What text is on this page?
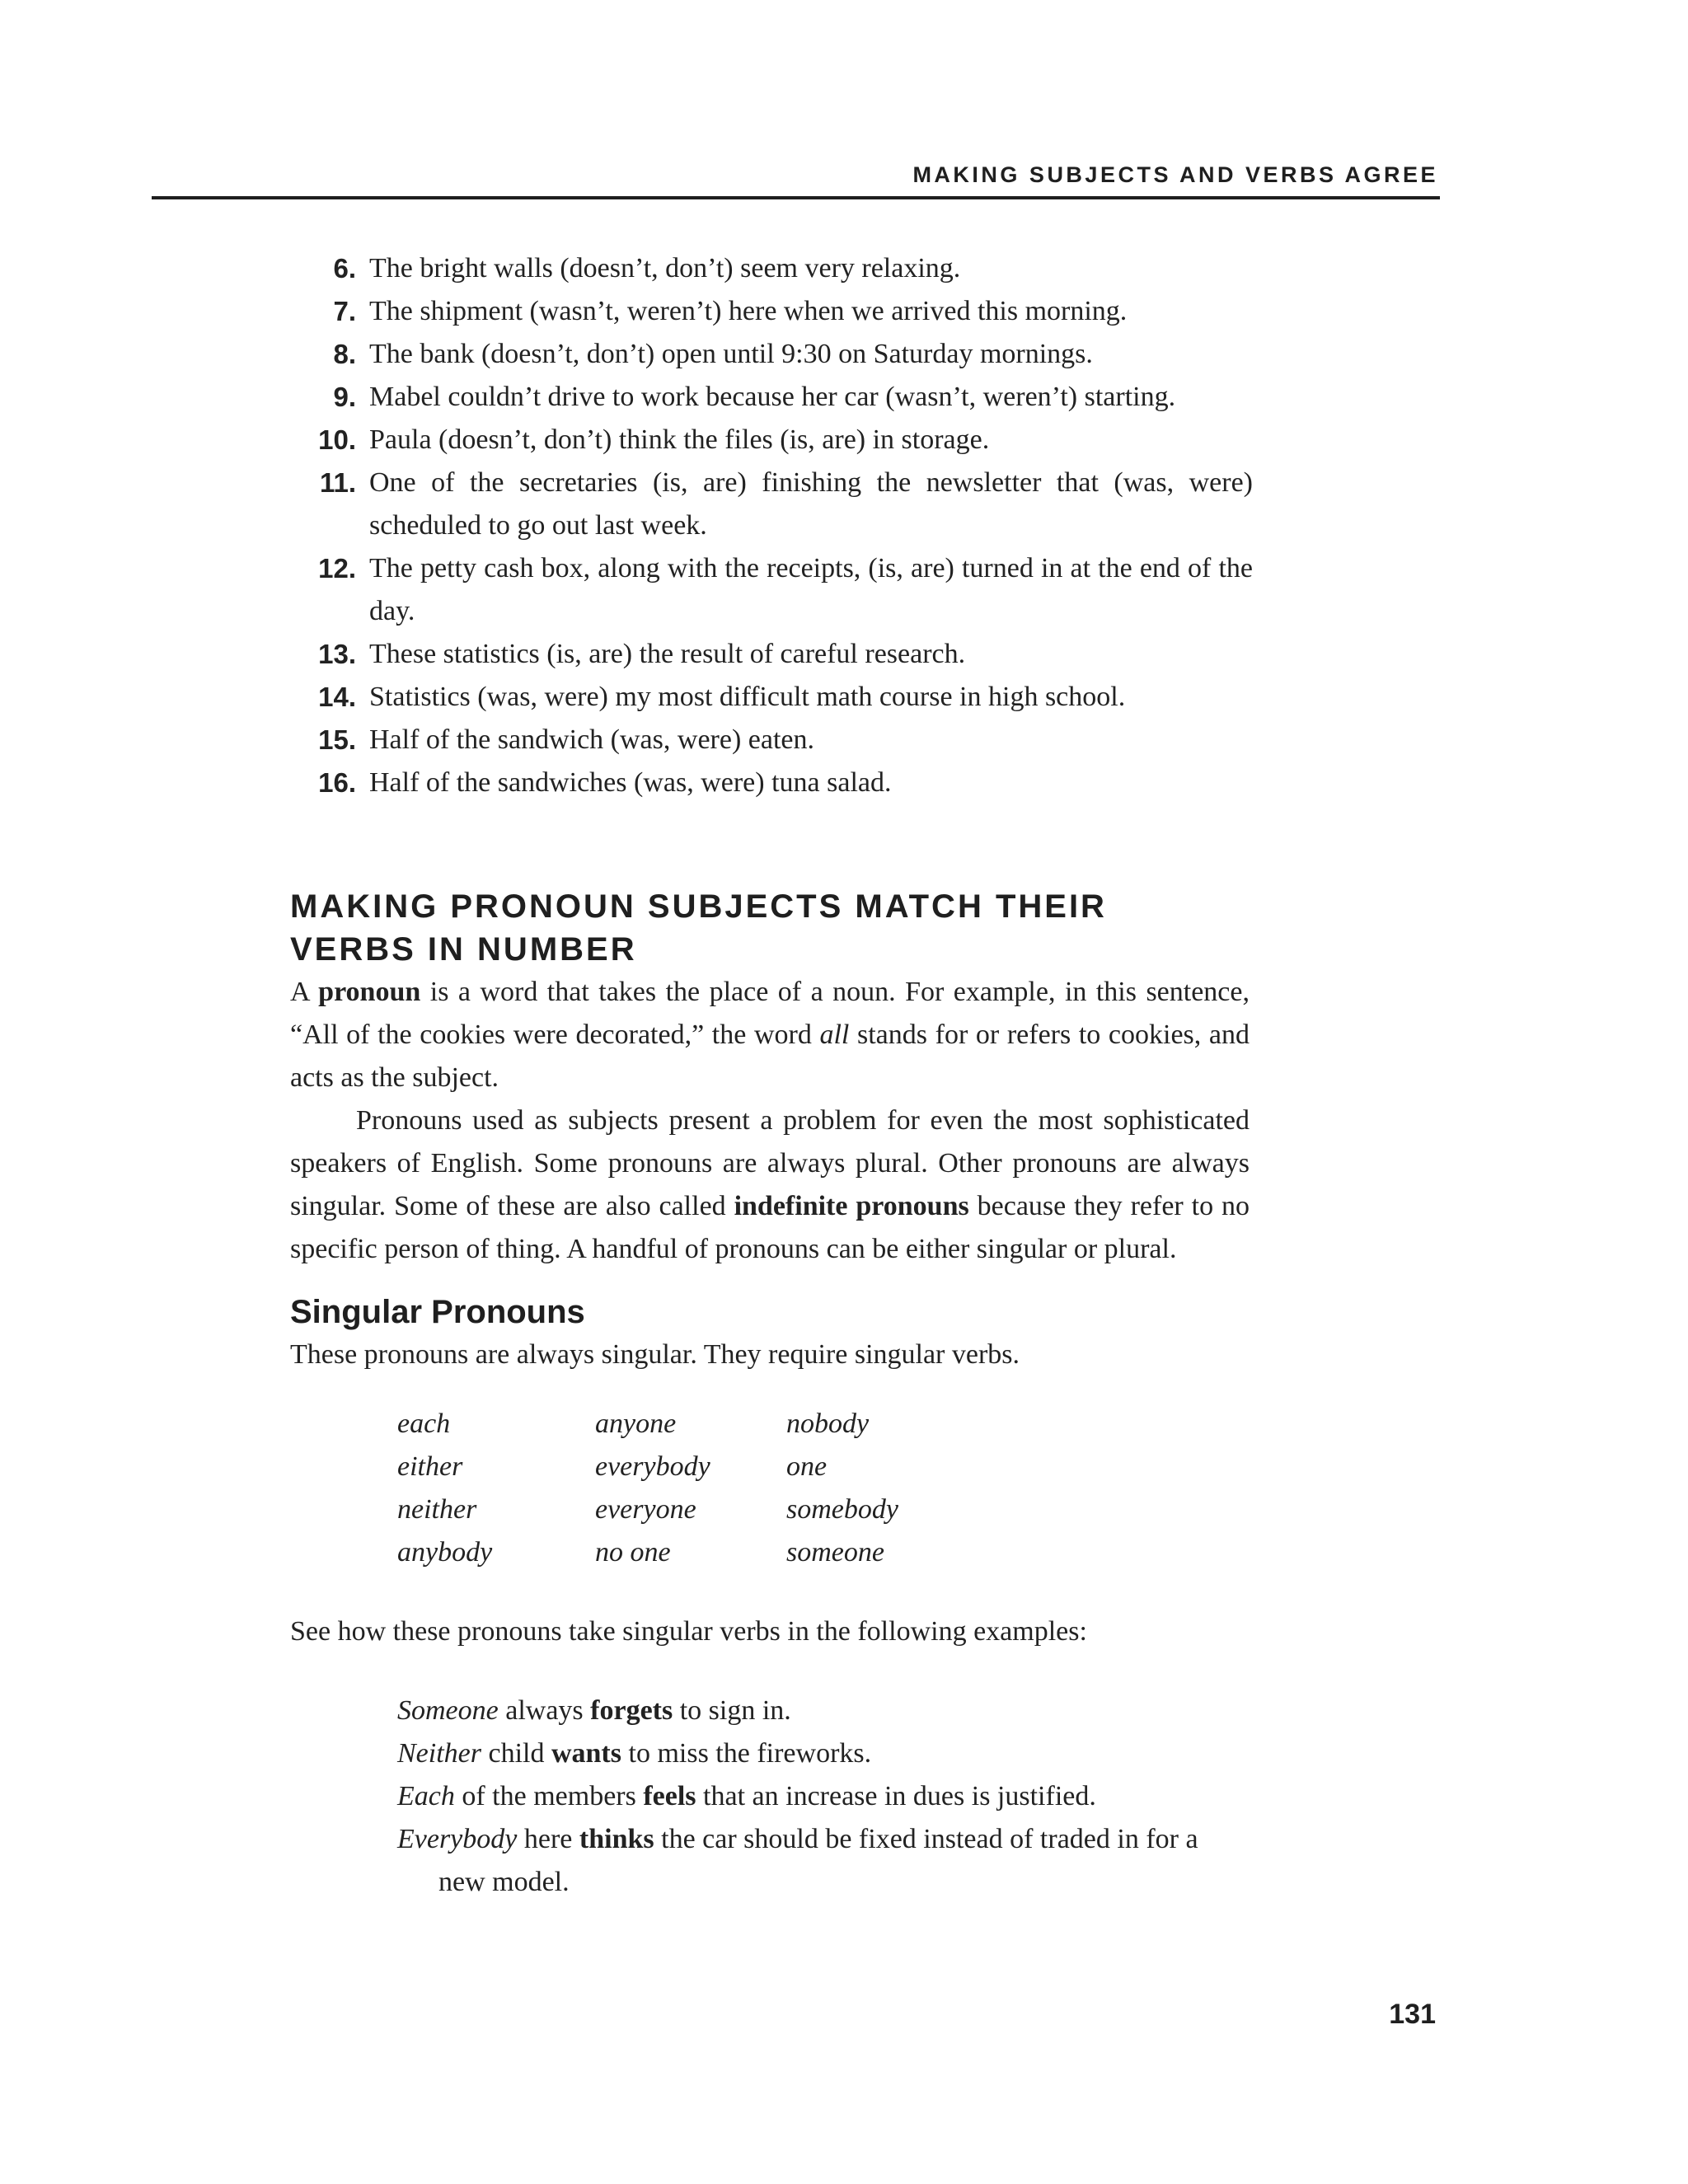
MAKING SUBJECTS AND VERBS AGREE
6. The bright walls (doesn’t, don’t) seem very relaxing.
7. The shipment (wasn’t, weren’t) here when we arrived this morning.
8. The bank (doesn’t, don’t) open until 9:30 on Saturday mornings.
9. Mabel couldn’t drive to work because her car (wasn’t, weren’t) starting.
10. Paula (doesn’t, don’t) think the files (is, are) in storage.
11. One of the secretaries (is, are) finishing the newsletter that (was, were) scheduled to go out last week.
12. The petty cash box, along with the receipts, (is, are) turned in at the end of the day.
13. These statistics (is, are) the result of careful research.
14. Statistics (was, were) my most difficult math course in high school.
15. Half of the sandwich (was, were) eaten.
16. Half of the sandwiches (was, were) tuna salad.
MAKING PRONOUN SUBJECTS MATCH THEIR VERBS IN NUMBER

A pronoun is a word that takes the place of a noun. For example, in this sentence, “All of the cookies were decorated,” the word all stands for or refers to cookies, and acts as the subject.

Pronouns used as subjects present a problem for even the most sophisticated speakers of English. Some pronouns are always plural. Other pronouns are always singular. Some of these are also called indefinite pronouns because they refer to no specific person of thing. A handful of pronouns can be either singular or plural.

Singular Pronouns

These pronouns are always singular. They require singular verbs.

each	anyone	nobody
either	everybody	one
neither	everyone	somebody
anybody	no one	someone

See how these pronouns take singular verbs in the following examples:

Someone always forgets to sign in.
Neither child wants to miss the fireworks.
Each of the members feels that an increase in dues is justified.
Everybody here thinks the car should be fixed instead of traded in for a new model.
131
